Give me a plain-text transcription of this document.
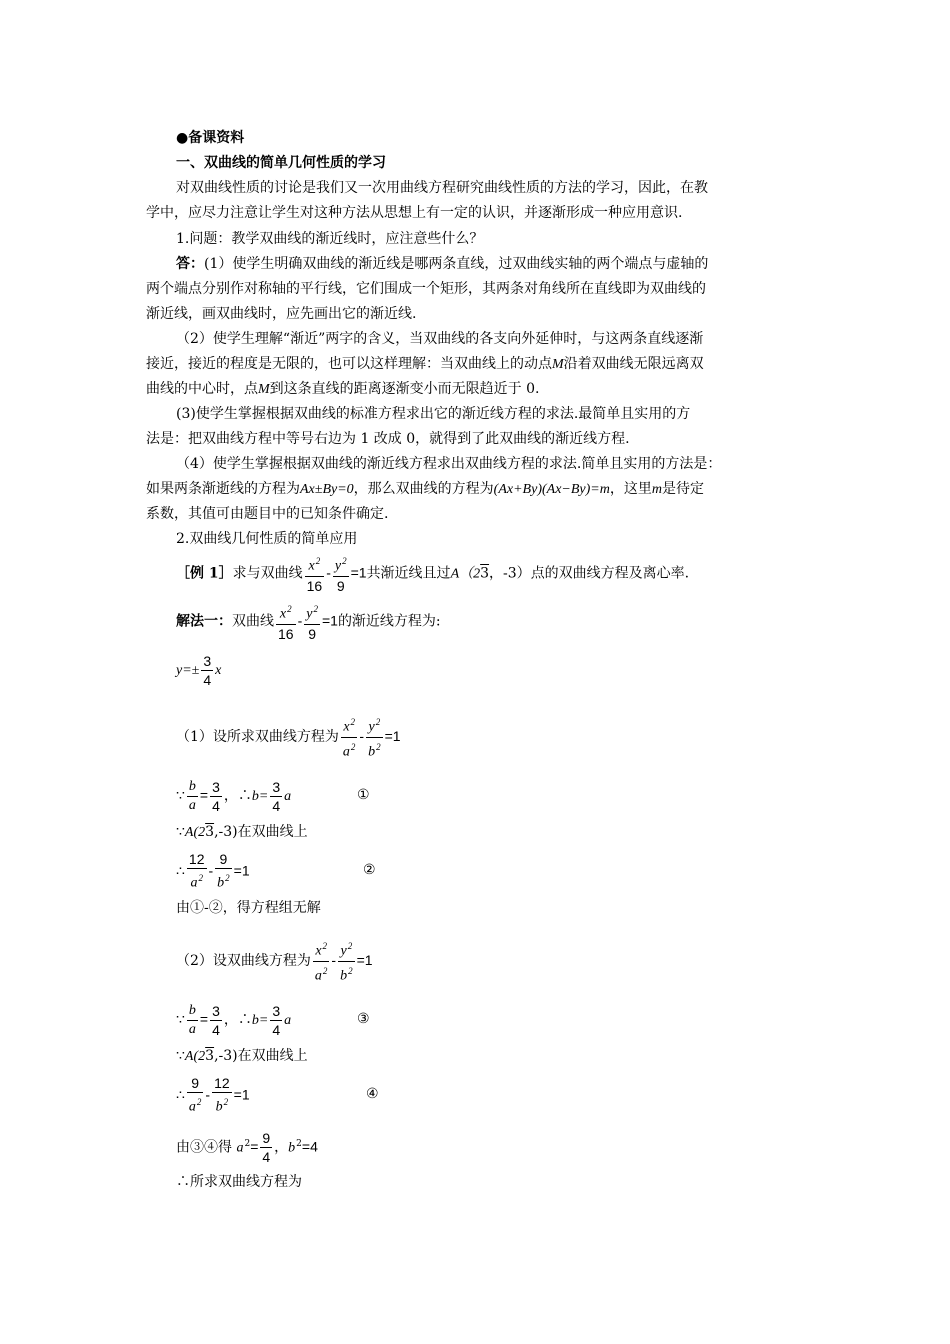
●备课资料
一、双曲线的简单几何性质的学习
对双曲线性质的讨论是我们又一次用曲线方程研究曲线性质的方法的学习，因此，在教
学中，应尽力注意让学生对这种方法从思想上有一定的认识，并逐渐形成一种应用意识.
1.问题：教学双曲线的渐近线时，应注意些什么？
答：(1）使学生明确双曲线的渐近线是哪两条直线，过双曲线实轴的两个端点与虚轴的
两个端点分别作对称轴的平行线，它们围成一个矩形，其两条对角线所在直线即为双曲线的
渐近线，画双曲线时，应先画出它的渐近线.
（2）使学生理解“渐近”两字的含义，当双曲线的各支向外延伸时，与这两条直线逐渐
接近，接近的程度是无限的，也可以这样理解：当双曲线上的动点M沿着双曲线无限远离双
曲线的中心时，点M到这条直线的距离逐渐变小而无限趋近于 0.
(3)使学生掌握根据双曲线的标准方程求出它的渐近线方程的求法.最简单且实用的方
法是：把双曲线方程中等号右边为 1 改成 0，就得到了此双曲线的渐近线方程.
（4）使学生掌握根据双曲线的渐近线方程求出双曲线方程的求法.简单且实用的方法是：
如果两条渐逝线的方程为Ax±By=0，那么双曲线的方程为(Ax+By)(Ax−By)=m，这里m是待定
系数，其值可由题目中的已知条件确定.
2.双曲线几何性质的简单应用
［例 1］求与双曲线 $\frac{x^2}{16} - \frac{y^2}{9} =1$共渐近线且过A（23，-3）点的双曲线方程及离心率.
解法一：双曲线 $\frac{x^2}{16} - \frac{y^2}{9} =1$的渐近线方程为:
$y=\pm \frac{3}{4}$ x
（1）设所求双曲线方程为 $\frac{x^2}{a^2} - \frac{y^2}{b^2} =1$
∵ $\frac{b}{a} = \frac{3}{4}$ ，∴b= $\frac{3}{4}$ a	①
∵A(23,-3)在双曲线上
∴ $\frac{12}{a^2} - \frac{9}{b^2} =1$	②
由①-②，得方程组无解
（2）设双曲线方程为 $\frac{x^2}{a^2} - \frac{y^2}{b^2} =1$
∵ $\frac{b}{a} = \frac{3}{4}$ ，∴b= $\frac{3}{4}$ a	③
∵A(23,-3)在双曲线上
∴ $\frac{9}{a^2} - \frac{12}{b^2} =1$	④
由③④得 $a^2= \frac{9}{4}$ ，$b^2=4$
∴所求双曲线方程为
